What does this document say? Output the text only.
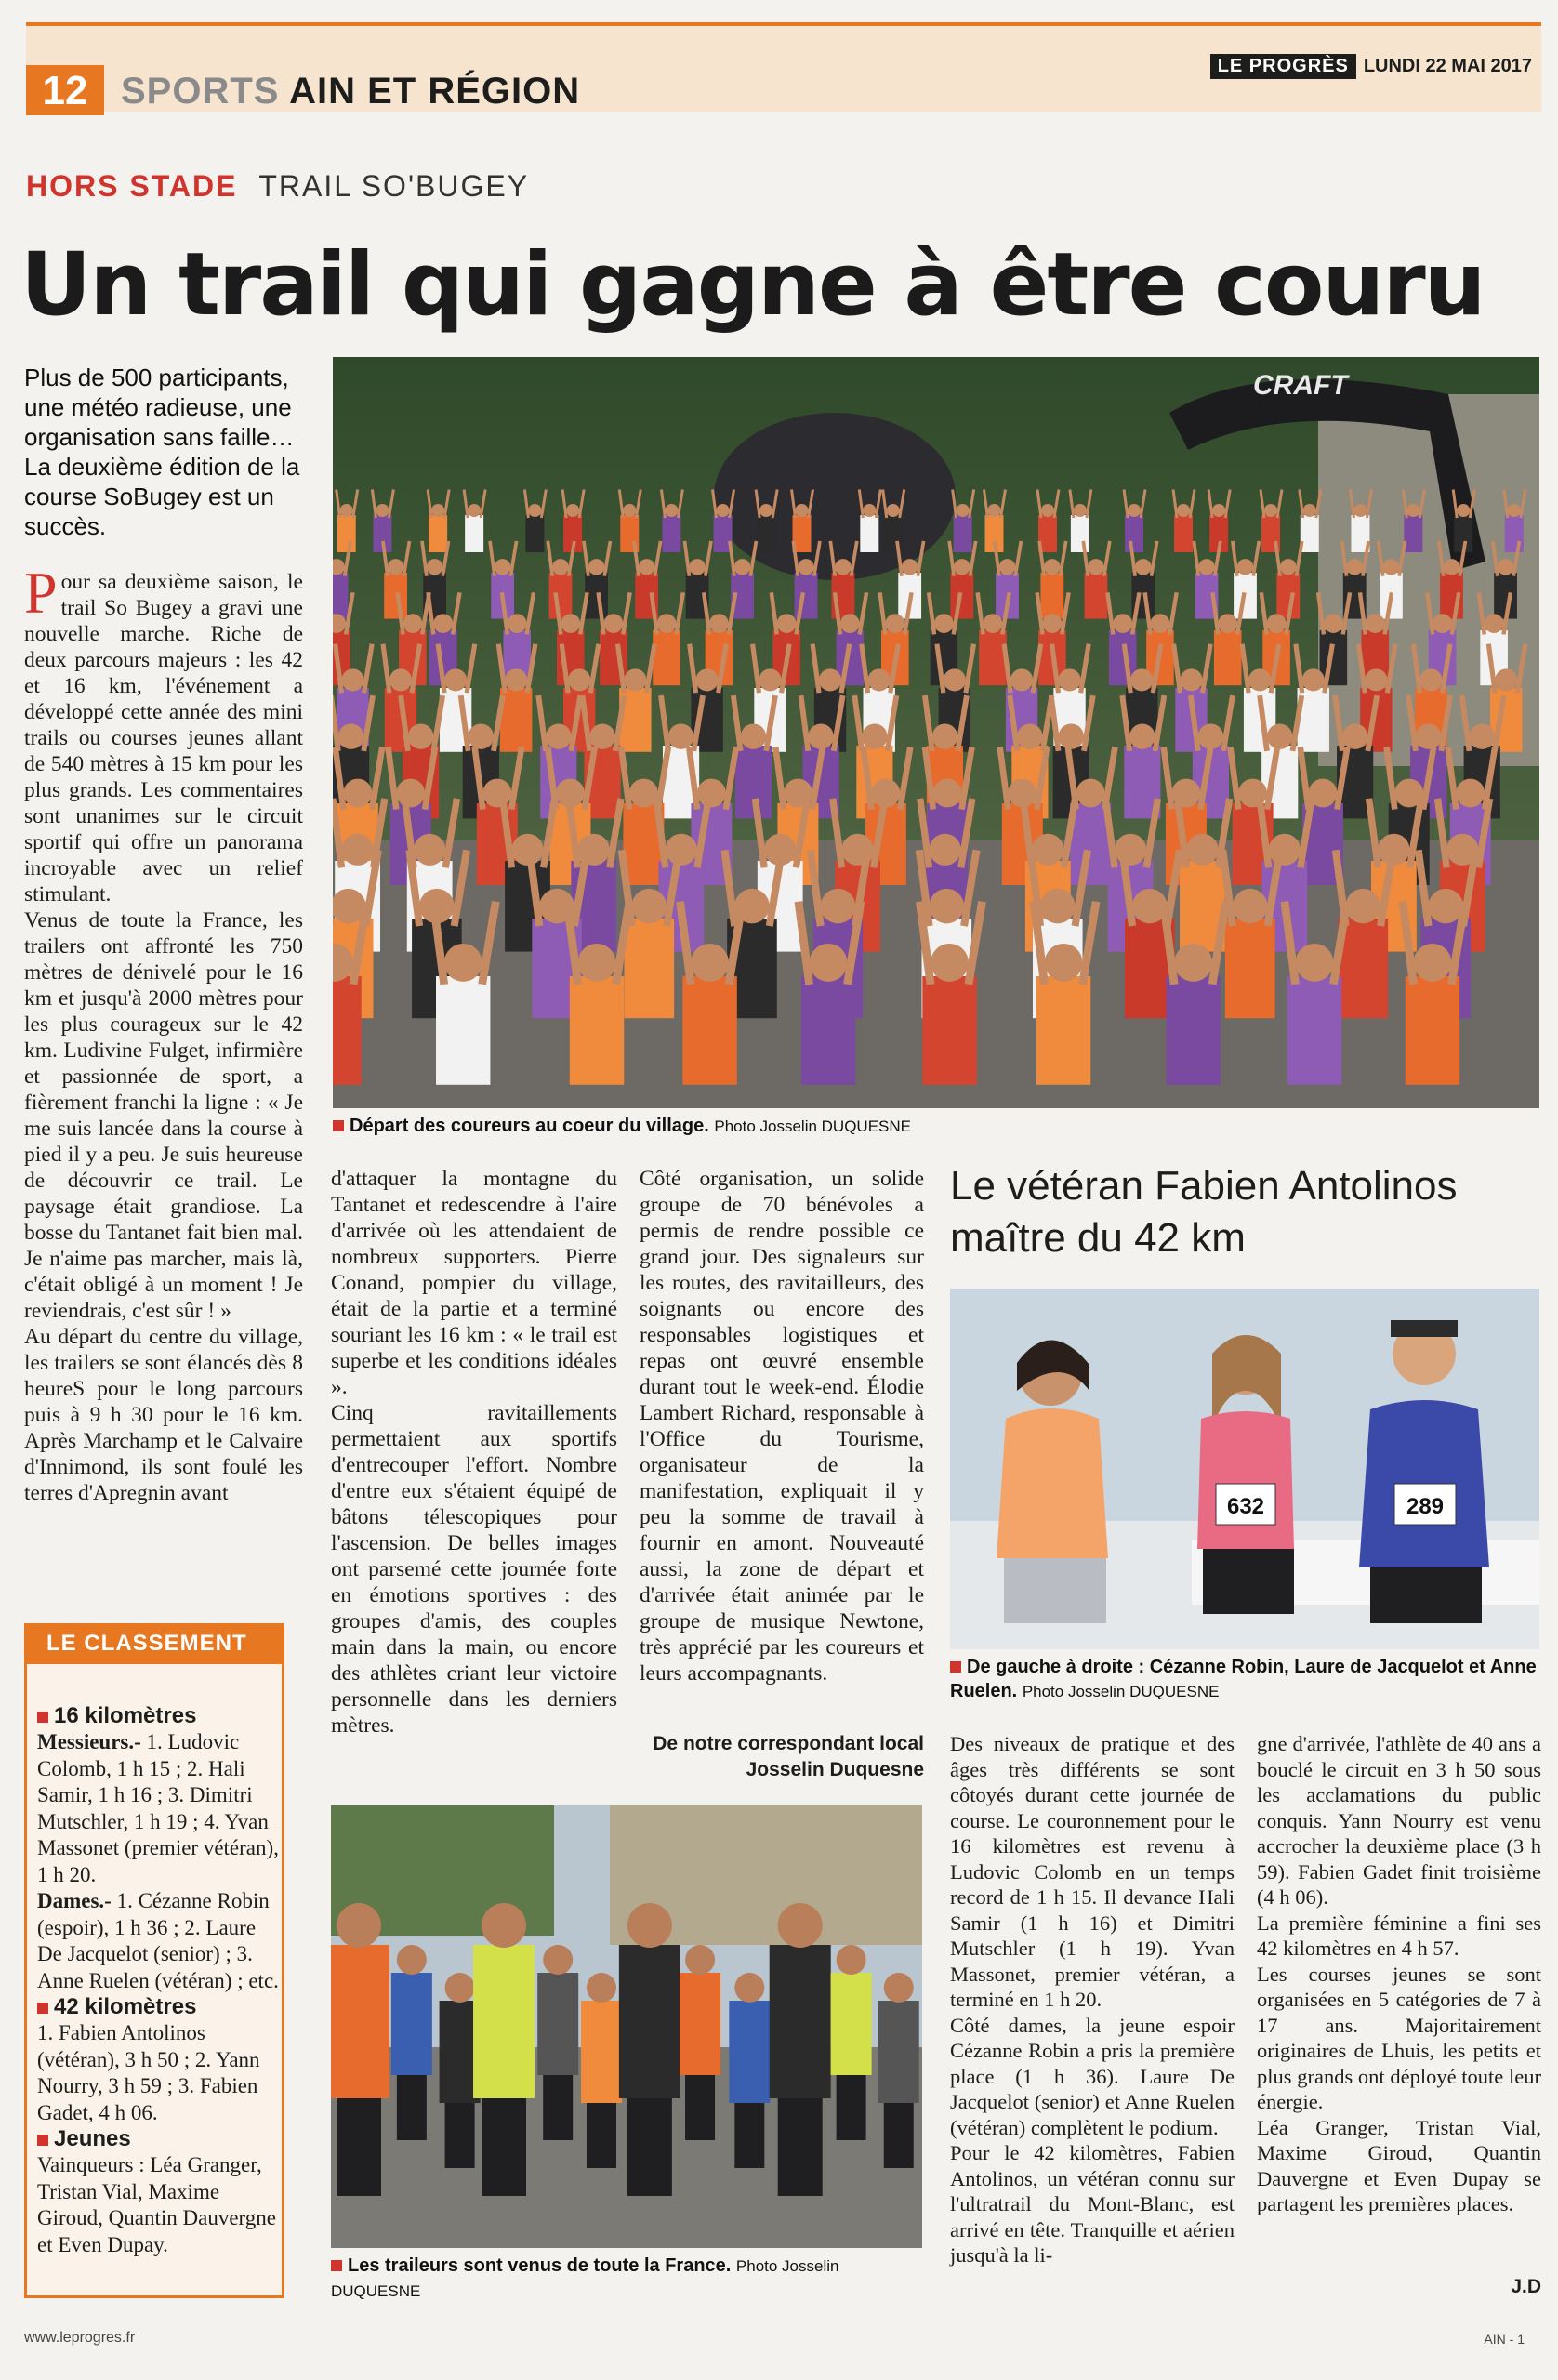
12 SPORTS AIN ET RÉGION
LE PROGRÈS LUNDI 22 MAI 2017
HORS STADE TRAIL SO'BUGEY
Un trail qui gagne à être couru
Plus de 500 participants, une météo radieuse, une organisation sans faille… La deuxième édition de la course SoBugey est un succès.
CRAFT
Départ des coureurs au coeur du village. Photo Josselin DUQUESNE

Pour sa deuxième saison, le trail So Bugey a gravi une nouvelle marche. Riche de deux parcours majeurs : les 42 et 16 km, l'événement a développé cette année des mini trails ou courses jeunes allant de 540 mètres à 15 km pour les plus grands. Les commentaires sont unanimes sur le circuit sportif qui offre un panorama incroyable avec un relief stimulant.

Venus de toute la France, les trailers ont affronté les 750 mètres de dénivelé pour le 16 km et jusqu'à 2000 mètres pour les plus courageux sur le 42 km. Ludivine Fulget, infirmière et passionnée de sport, a fièrement franchi la ligne : « Je me suis lancée dans la course à pied il y a peu. Je suis heureuse de découvrir ce trail. Le paysage était grandiose. La bosse du Tantanet fait bien mal. Je n'aime pas marcher, mais là, c'était obligé à un moment ! Je reviendrais, c'est sûr ! »

Au départ du centre du village, les trailers se sont élancés dès 8 heureS pour le long parcours puis à 9 h 30 pour le 16 km. Après Marchamp et le Calvaire d'Innimond, ils sont foulé les terres d'Apregnin avant

d'attaquer la montagne du Tantanet et redescendre à l'aire d'arrivée où les attendaient de nombreux supporters. Pierre Conand, pompier du village, était de la partie et a terminé souriant les 16 km : « le trail est superbe et les conditions idéales ».

Cinq ravitaillements permettaient aux sportifs d'entrecouper l'effort. Nombre d'entre eux s'étaient équipé de bâtons télescopiques pour l'ascension. De belles images ont parsemé cette journée forte en émotions sportives : des groupes d'amis, des couples main dans la main, ou encore des athlètes criant leur victoire personnelle dans les derniers mètres.

Côté organisation, un solide groupe de 70 bénévoles a permis de rendre possible ce grand jour. Des signaleurs sur les routes, des ravitailleurs, des soignants ou encore des responsables logistiques et repas ont œuvré ensemble durant tout le week-end. Élodie Lambert Richard, responsable à l'Office du Tourisme, organisateur de la manifestation, expliquait il y peu la somme de travail à fournir en amont. Nouveauté aussi, la zone de départ et d'arrivée était animée par le groupe de musique Newtone, très apprécié par les coureurs et leurs accompagnants.

De notre correspondant local Josselin Duquesne
Les traileurs sont venus de toute la France. Photo Josselin DUQUESNE
LE CLASSEMENT
16 kilomètres

Messieurs.- 1. Ludovic Colomb, 1 h 15 ; 2. Hali Samir, 1 h 16 ; 3. Dimitri Mutschler, 1 h 19 ; 4. Yvan Massonet (premier vétéran), 1 h 20.

Dames.- 1. Cézanne Robin (espoir), 1 h 36 ; 2. Laure De Jacquelot (senior) ; 3. Anne Ruelen (vétéran) ; etc.

42 kilomètres

1. Fabien Antolinos (vétéran), 3 h 50 ; 2. Yann Nourry, 3 h 59 ; 3. Fabien Gadet, 4 h 06.

Jeunes

Vainqueurs : Léa Granger, Tristan Vial, Maxime Giroud, Quantin Dauvergne et Even Dupay.

Le vétéran Fabien Antolinos maître du 42 km
632	289
De gauche à droite : Cézanne Robin, Laure de Jacquelot et Anne Ruelen. Photo Josselin DUQUESNE

Des niveaux de pratique et des âges très différents se sont côtoyés durant cette journée de course. Le couronnement pour le 16 kilomètres est revenu à Ludovic Colomb en un temps record de 1 h 15. Il devance Hali Samir (1 h 16) et Dimitri Mutschler (1 h 19). Yvan Massonet, premier vétéran, a terminé en 1 h 20.

Côté dames, la jeune espoir Cézanne Robin a pris la première place (1 h 36). Laure De Jacquelot (senior) et Anne Ruelen (vétéran) complètent le podium.

Pour le 42 kilomètres, Fabien Antolinos, un vétéran connu sur l'ultratrail du Mont-Blanc, est arrivé en tête. Tranquille et aérien jusqu'à la li-

gne d'arrivée, l'athlète de 40 ans a bouclé le circuit en 3 h 50 sous les acclamations du public conquis. Yann Nourry est venu accrocher la deuxième place (3 h 59). Fabien Gadet finit troisième (4 h 06).

La première féminine a fini ses 42 kilomètres en 4 h 57.

Les courses jeunes se sont organisées en 5 catégories de 7 à 17 ans. Majoritairement originaires de Lhuis, les petits et plus grands ont déployé toute leur énergie.

Léa Granger, Tristan Vial, Maxime Giroud, Quantin Dauvergne et Even Dupay se partagent les premières places.

J.D
www.leprogres.fr	AIN - 1
